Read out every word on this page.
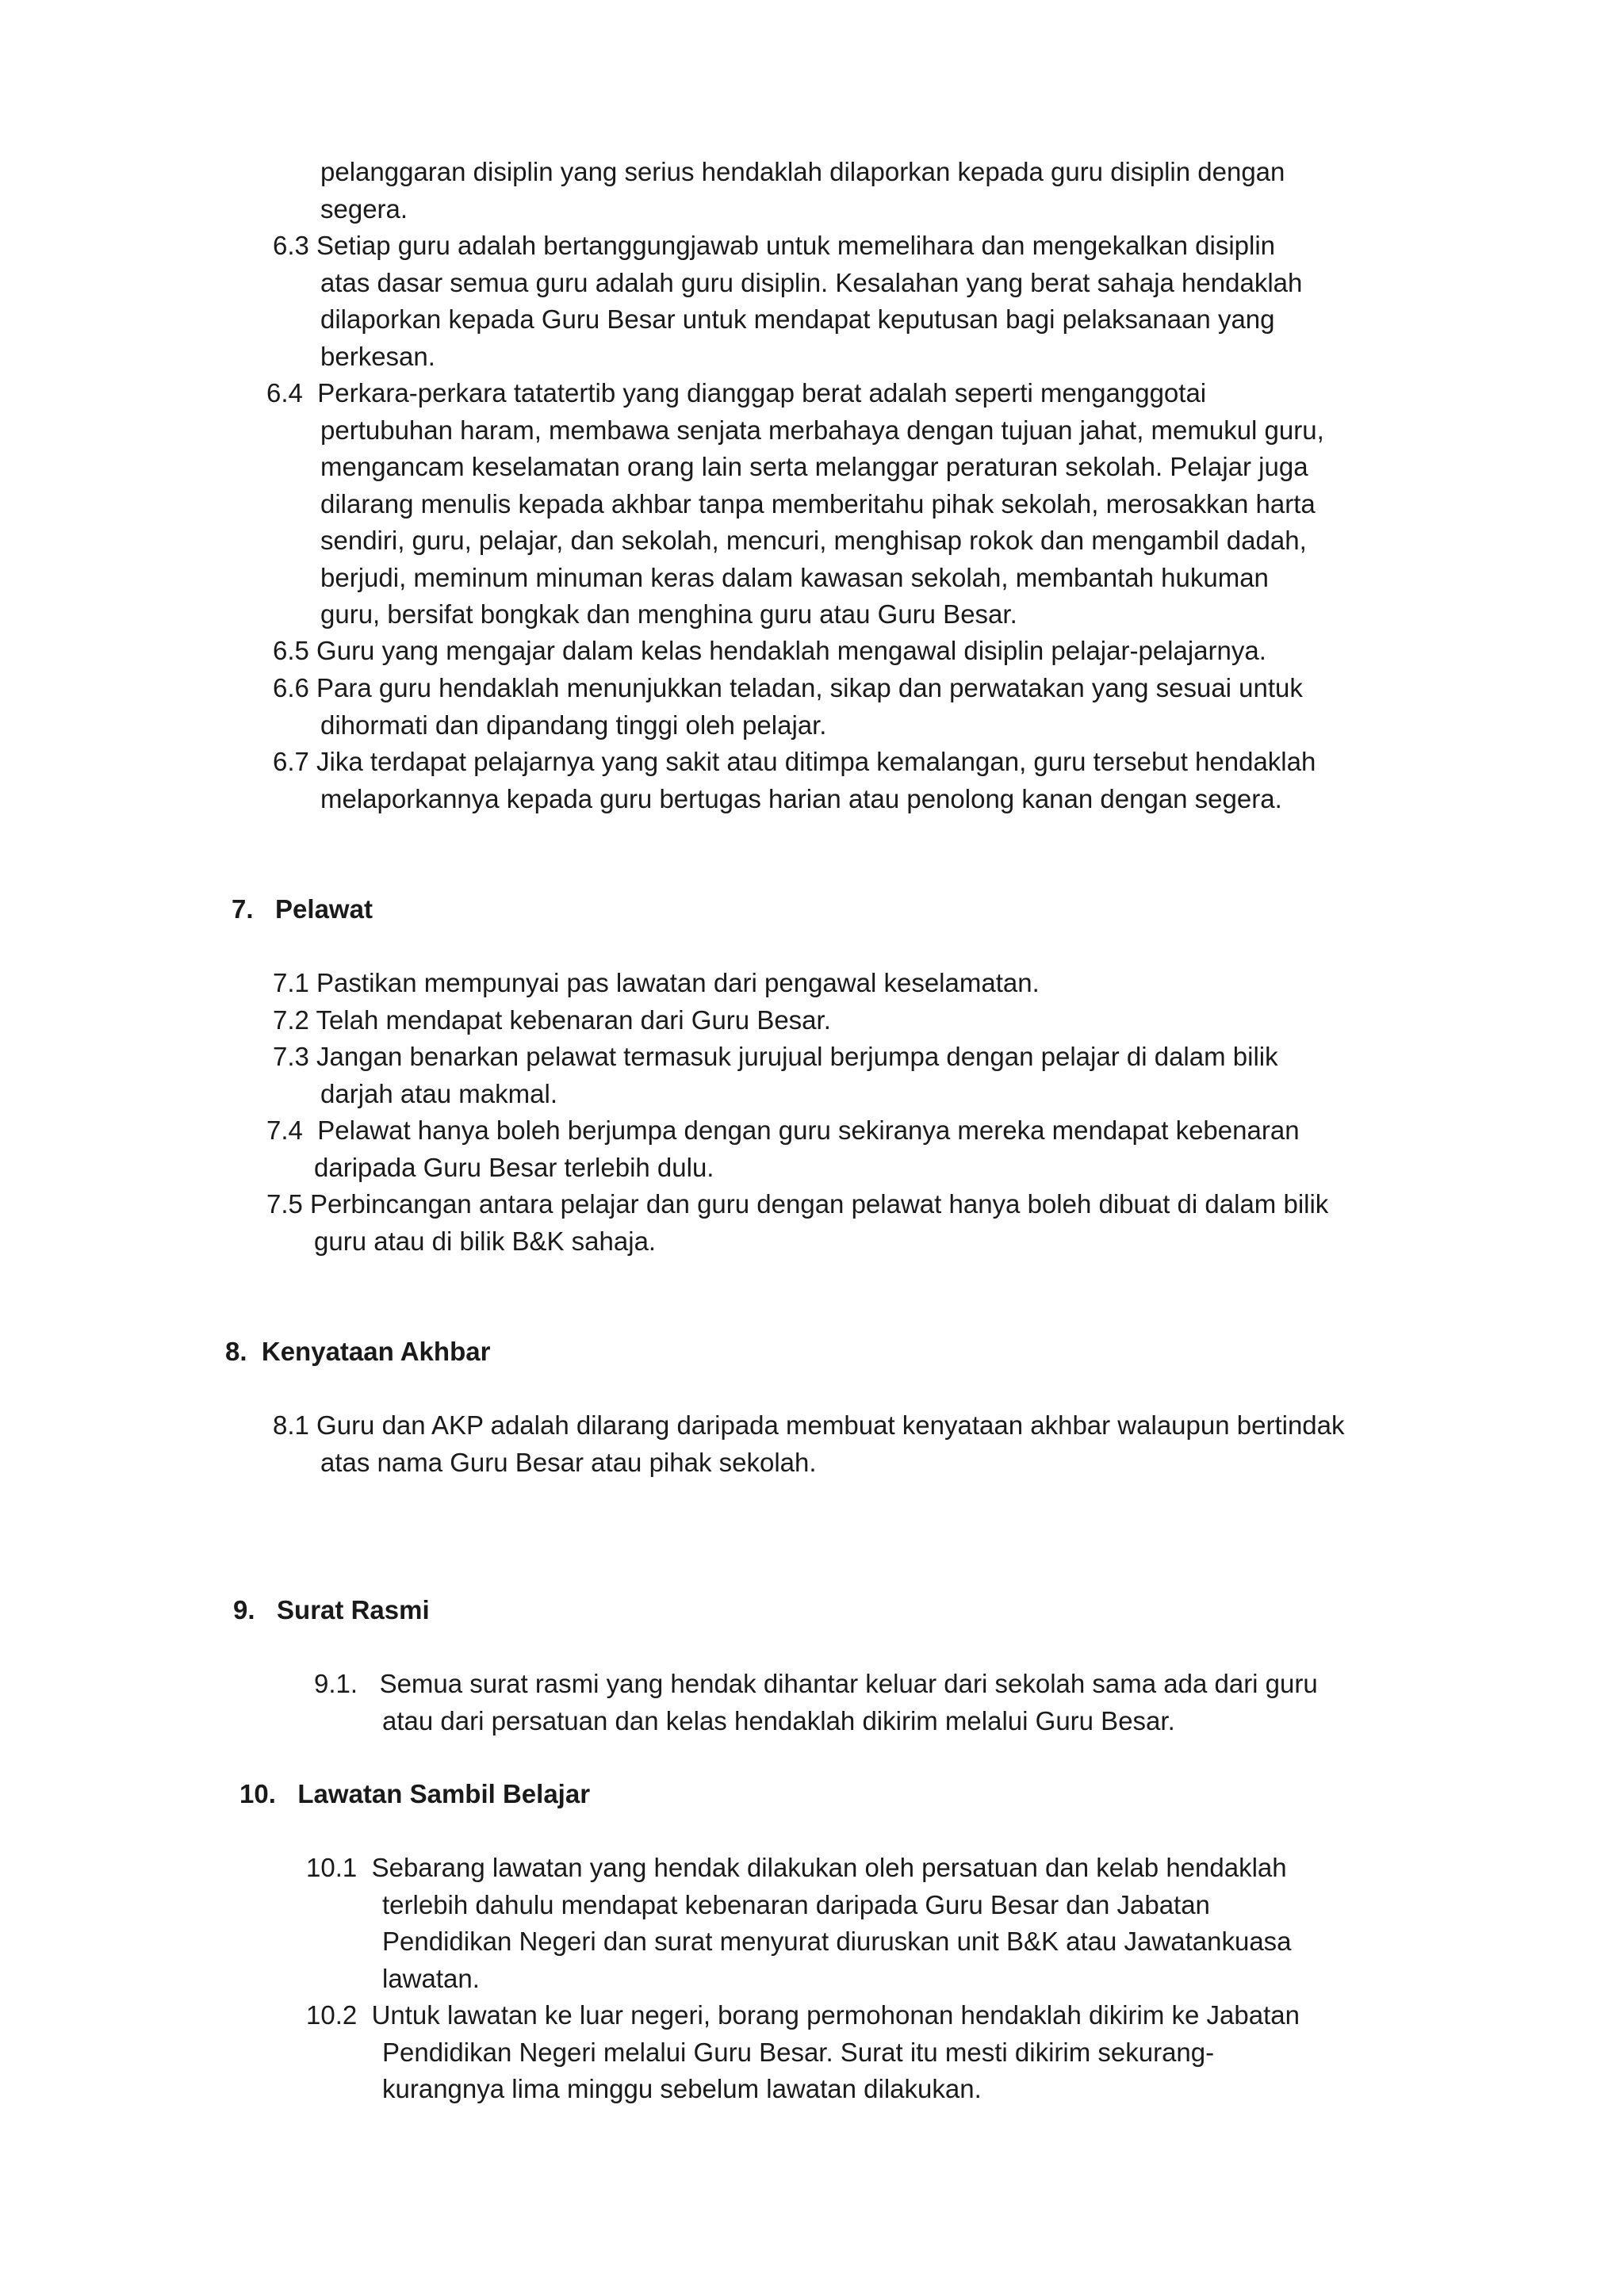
pelanggaran disiplin yang serius hendaklah dilaporkan kepada guru disiplin dengan
segera.
6.3 Setiap guru adalah bertanggungjawab untuk memelihara dan mengekalkan disiplin
atas dasar semua guru adalah guru disiplin. Kesalahan yang berat sahaja hendaklah
dilaporkan kepada Guru Besar untuk mendapat keputusan bagi pelaksanaan yang
berkesan.
6.4 Perkara-perkara tatatertib yang dianggap berat adalah seperti menganggotai
pertubuhan haram, membawa senjata merbahaya dengan tujuan jahat, memukul guru,
mengancam keselamatan orang lain serta melanggar peraturan sekolah. Pelajar juga
dilarang menulis kepada akhbar tanpa memberitahu pihak sekolah, merosakkan harta
sendiri, guru, pelajar, dan sekolah, mencuri, menghisap rokok dan mengambil dadah,
berjudi, meminum minuman keras dalam kawasan sekolah, membantah hukuman
guru, bersifat bongkak dan menghina guru atau Guru Besar.
6.5 Guru yang mengajar dalam kelas hendaklah mengawal disiplin pelajar-pelajarnya.
6.6 Para guru hendaklah menunjukkan teladan, sikap dan perwatakan yang sesuai untuk
dihormati dan dipandang tinggi oleh pelajar.
6.7 Jika terdapat pelajarnya yang sakit atau ditimpa kemalangan, guru tersebut hendaklah
melaporkannya kepada guru bertugas harian atau penolong kanan dengan segera.
7. Pelawat
7.1 Pastikan mempunyai pas lawatan dari pengawal keselamatan.
7.2 Telah mendapat kebenaran dari Guru Besar.
7.3 Jangan benarkan pelawat termasuk jurujual berjumpa dengan pelajar di dalam bilik
darjah atau makmal.
7.4 Pelawat hanya boleh berjumpa dengan guru sekiranya mereka mendapat kebenaran
daripada Guru Besar terlebih dulu.
7.5 Perbincangan antara pelajar dan guru dengan pelawat hanya boleh dibuat di dalam bilik
guru atau di bilik B&K sahaja.
8. Kenyataan Akhbar
8.1 Guru dan AKP adalah dilarang daripada membuat kenyataan akhbar walaupun bertindak
atas nama Guru Besar atau pihak sekolah.
9. Surat Rasmi
9.1. Semua surat rasmi yang hendak dihantar keluar dari sekolah sama ada dari guru
atau dari persatuan dan kelas hendaklah dikirim melalui Guru Besar.
10. Lawatan Sambil Belajar
10.1 Sebarang lawatan yang hendak dilakukan oleh persatuan dan kelab hendaklah
terlebih dahulu mendapat kebenaran daripada Guru Besar dan Jabatan
Pendidikan Negeri dan surat menyurat diuruskan unit B&K atau Jawatankuasa
lawatan.
10.2 Untuk lawatan ke luar negeri, borang permohonan hendaklah dikirim ke Jabatan
Pendidikan Negeri melalui Guru Besar. Surat itu mesti dikirim sekurang-
kurangnya lima minggu sebelum lawatan dilakukan.
